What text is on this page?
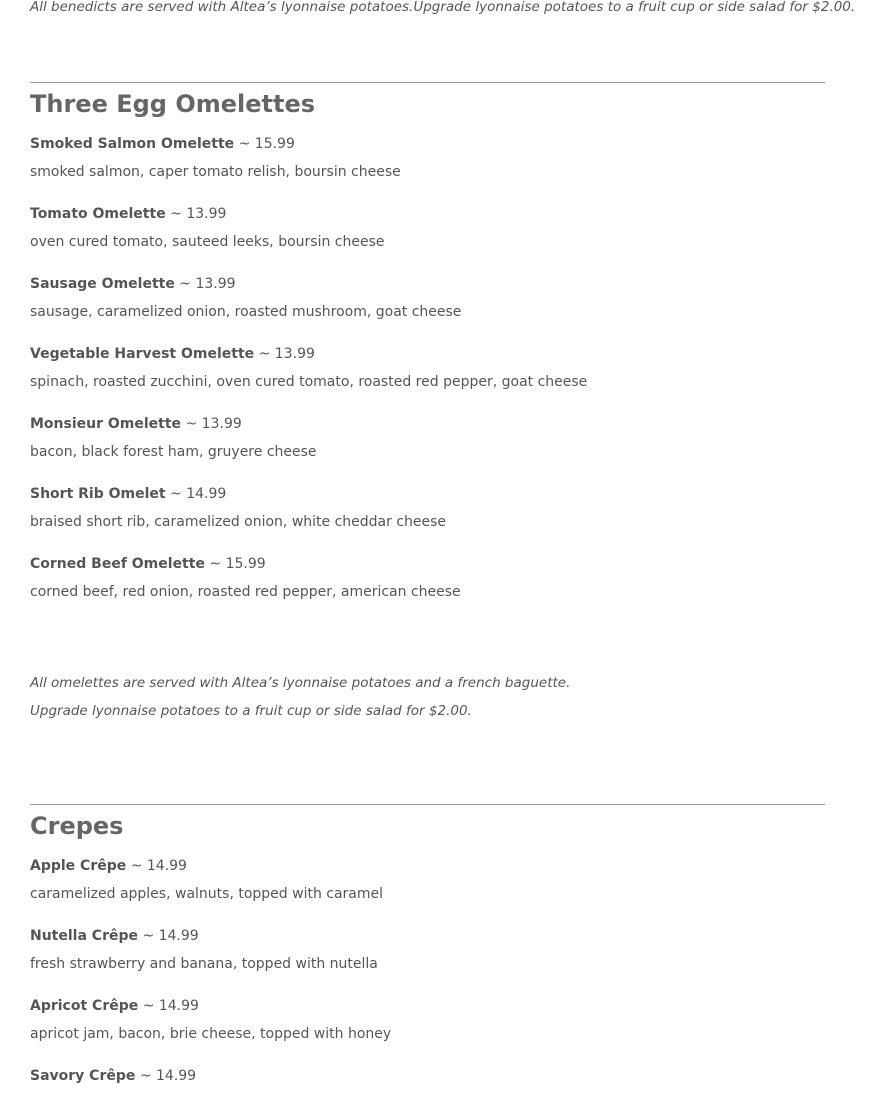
All benedicts are served with Altea’s lyonnaise potatoes.Upgrade lyonnaise potatoes to a fruit cup or side salad for $2.00.

Three Egg Omelettes
Smoked Salmon Omelette ~ 15.99
smoked salmon, caper tomato relish, boursin cheese
Tomato Omelette ~ 13.99
oven cured tomato, sauteed leeks, boursin cheese
Sausage Omelette ~ 13.99
sausage, caramelized onion, roasted mushroom, goat cheese
Vegetable Harvest Omelette ~ 13.99
spinach, roasted zucchini, oven cured tomato, roasted red pepper, goat cheese
Monsieur Omelette ~ 13.99
bacon, black forest ham, gruyere cheese
Short Rib Omelet ~ 14.99
braised short rib, caramelized onion, white cheddar cheese
Corned Beef Omelette ~ 15.99
corned beef, red onion, roasted red pepper, american cheese

All omelettes are served with Altea’s lyonnaise potatoes and a french baguette.

Upgrade lyonnaise potatoes to a fruit cup or side salad for $2.00.

Crepes
Apple Crêpe ~ 14.99
caramelized apples, walnuts, topped with caramel
Nutella Crêpe ~ 14.99
fresh strawberry and banana, topped with nutella
Apricot Crêpe ~ 14.99
apricot jam, bacon, brie cheese, topped with honey
Savory Crêpe ~ 14.99
